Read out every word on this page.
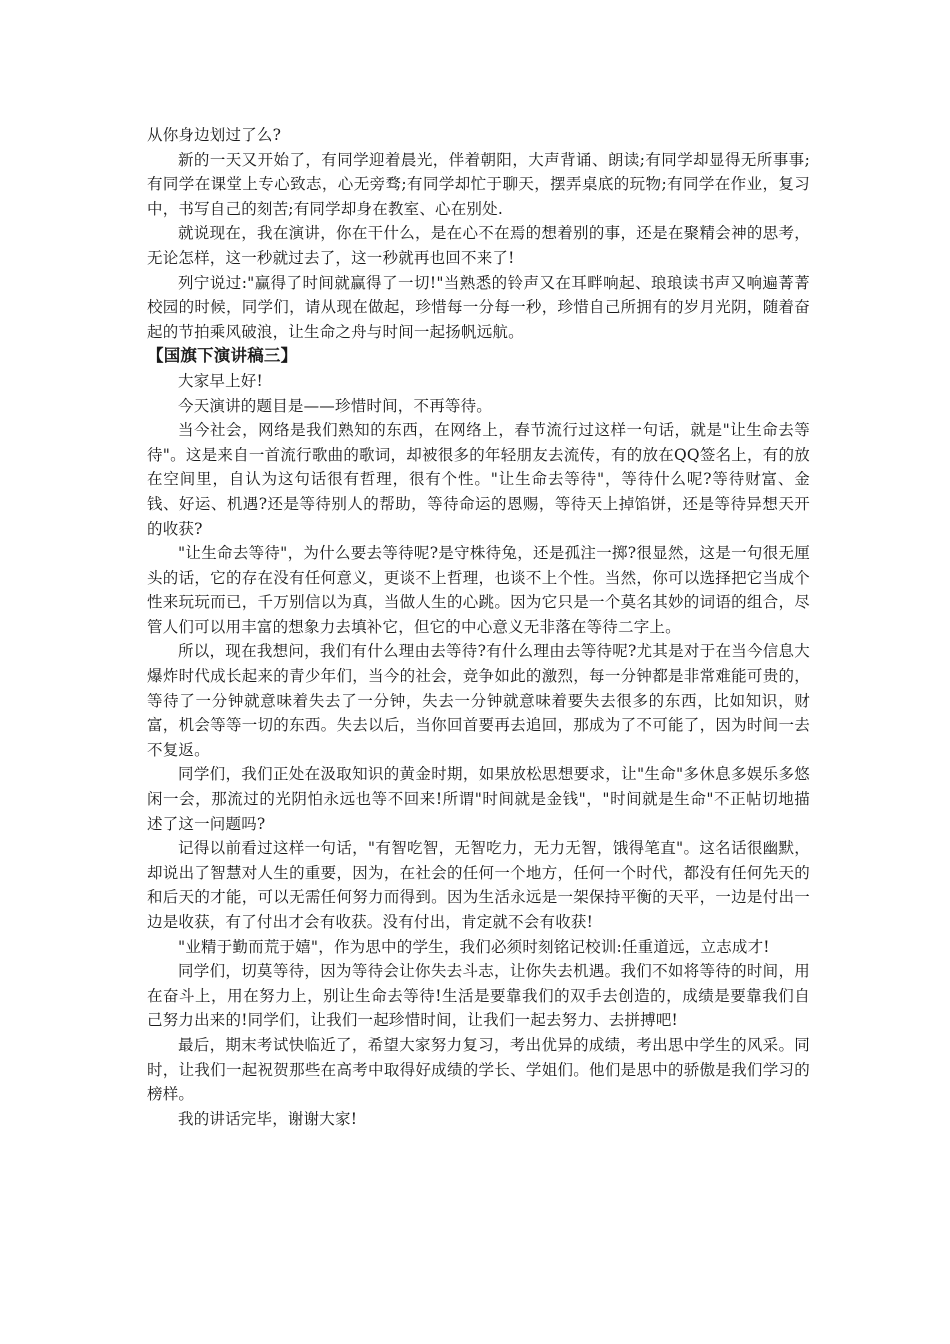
从你身边划过了么?

新的一天又开始了，有同学迎着晨光，伴着朝阳，大声背诵、朗读;有同学却显得无所事事;有同学在课堂上专心致志，心无旁骛;有同学却忙于聊天，摆弄桌底的玩物;有同学在作业，复习中，书写自己的刻苦;有同学却身在教室、心在别处.

就说现在，我在演讲，你在干什么，是在心不在焉的想着别的事，还是在聚精会神的思考，无论怎样，这一秒就过去了，这一秒就再也回不来了!

列宁说过:"赢得了时间就赢得了一切!"当熟悉的铃声又在耳畔响起、琅琅读书声又响遍菁菁校园的时候，同学们，请从现在做起，珍惜每一分每一秒，珍惜自己所拥有的岁月光阴，随着奋起的节拍乘风破浪，让生命之舟与时间一起扬帆远航。

【国旗下演讲稿三】

大家早上好!

今天演讲的题目是——珍惜时间，不再等待。

当今社会，网络是我们熟知的东西，在网络上，春节流行过这样一句话，就是"让生命去等待"。这是来自一首流行歌曲的歌词，却被很多的年轻朋友去流传，有的放在QQ签名上，有的放在空间里，自认为这句话很有哲理，很有个性。"让生命去等待"，等待什么呢?等待财富、金钱、好运、机遇?还是等待别人的帮助，等待命运的恩赐，等待天上掉馅饼，还是等待异想天开的收获?

"让生命去等待"，为什么要去等待呢?是守株待兔，还是孤注一掷?很显然，这是一句很无厘头的话，它的存在没有任何意义，更谈不上哲理，也谈不上个性。当然，你可以选择把它当成个性来玩玩而已，千万别信以为真，当做人生的心跳。因为它只是一个莫名其妙的词语的组合，尽管人们可以用丰富的想象力去填补它，但它的中心意义无非落在等待二字上。

所以，现在我想问，我们有什么理由去等待?有什么理由去等待呢?尤其是对于在当今信息大爆炸时代成长起来的青少年们，当今的社会，竞争如此的激烈，每一分钟都是非常难能可贵的，等待了一分钟就意味着失去了一分钟，失去一分钟就意味着要失去很多的东西，比如知识，财富，机会等等一切的东西。失去以后，当你回首要再去追回，那成为了不可能了，因为时间一去不复返。

同学们，我们正处在汲取知识的黄金时期，如果放松思想要求，让"生命"多休息多娱乐多悠闲一会，那流过的光阴怕永远也等不回来!所谓"时间就是金钱"，"时间就是生命"不正帖切地描述了这一问题吗?

记得以前看过这样一句话，"有智吃智，无智吃力，无力无智，饿得笔直"。这名话很幽默，却说出了智慧对人生的重要，因为，在社会的任何一个地方，任何一个时代，都没有任何先天的和后天的才能，可以无需任何努力而得到。因为生活永远是一架保持平衡的天平，一边是付出一边是收获，有了付出才会有收获。没有付出，肯定就不会有收获!

"业精于勤而荒于嬉"，作为思中的学生，我们必须时刻铭记校训:任重道远，立志成才!

同学们，切莫等待，因为等待会让你失去斗志，让你失去机遇。我们不如将等待的时间，用在奋斗上，用在努力上，别让生命去等待!生活是要靠我们的双手去创造的，成绩是要靠我们自己努力出来的!同学们，让我们一起珍惜时间，让我们一起去努力、去拼搏吧!

最后，期末考试快临近了，希望大家努力复习，考出优异的成绩，考出思中学生的风采。同时，让我们一起祝贺那些在高考中取得好成绩的学长、学姐们。他们是思中的骄傲是我们学习的榜样。

我的讲话完毕，谢谢大家!
